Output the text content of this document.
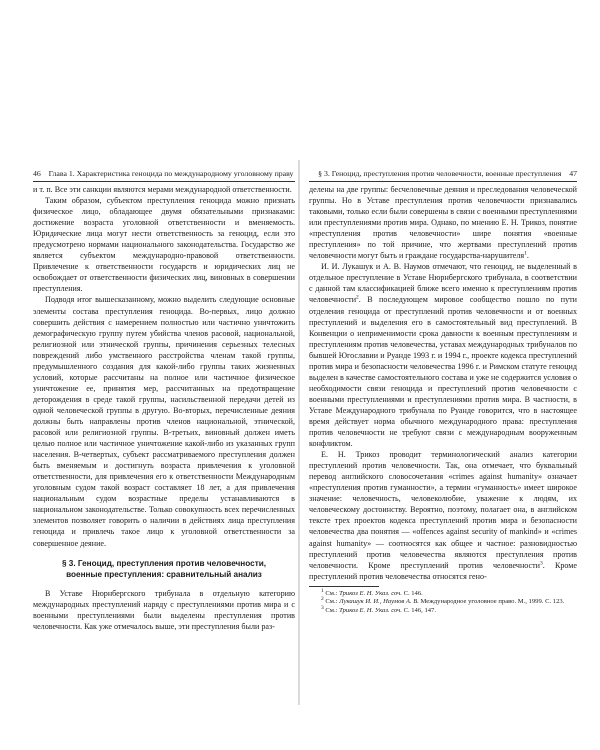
46 Глава 1. Характеристика геноцида по международному уголовному праву

и т. п. Все эти санкции являются мерами международной ответственности.

Таким образом, субъектом преступления геноцида можно признать физическое лицо, обладающее двумя обязательными признаками: достижение возраста уголовной ответственности и вменяемость. Юридические лица могут нести ответственность за геноцид, если это предусмотрено нормами национального законодательства. Государство же является субъектом международно-правовой ответственности. Привлечение к ответственности государств и юридических лиц не освобождает от ответственности физических лиц, виновных в совершении преступления.

Подводя итог вышесказанному, можно выделить следующие основные элементы состава преступления геноцида. Во-первых, лицо должно совершить действия с намерением полностью или частично уничтожить демографическую группу путем убийства членов расовой, национальной, религиозной или этнической группы, причинения серьезных телесных повреждений либо умственного расстройства членам такой группы, предумышленного создания для какой-либо группы таких жизненных условий, которые рассчитаны на полное или частичное физическое уничтожение ее, принятия мер, рассчитанных на предотвращение деторождения в среде такой группы, насильственной передачи детей из одной человеческой группы в другую. Во-вторых, перечисленные деяния должны быть направлены против членов национальной, этнической, расовой или религиозной группы. В-третьих, виновный должен иметь целью полное или частичное уничтожение какой-либо из указанных групп населения. В-четвертых, субъект рассматриваемого преступления должен быть вменяемым и достигнуть возраста привлечения к уголовной ответственности, для привлечения его к ответственности Международным уголовным судом такой возраст составляет 18 лет, а для привлечения национальным судом возрастные пределы устанавливаются в национальном законодательстве. Только совокупность всех перечисленных элементов позволяет говорить о наличии в действиях лица преступления геноцида и привлечь такое лицо к уголовной ответственности за совершенное деяние.

§ 3. Геноцид, преступления против человечности,
военные преступления: сравнительный анализ

В Уставе Нюрнбергского трибунала в отдельную категорию международных преступлений наряду с преступлениями против мира и с военными преступлениями были выделены преступления против человечности. Как уже отмечалось выше, эти преступления были раз-

§ 3. Геноцид, преступления против человечности, военные преступления 47

делены на две группы: бесчеловечные деяния и преследования человеческой группы. Но в Уставе преступления против человечности признавались таковыми, только если были совершены в связи с военными преступлениями или преступлениями против мира. Однако, по мнению Е. Н. Трикоз, понятие «преступления против человечности» шире понятия «военные преступления» по той причине, что жертвами преступлений против человечности могут быть и граждане государства-нарушителя$^1$.

И. И. Лукашук и А. В. Наумов отмечают, что геноцид, не выделенный в отдельное преступление в Уставе Нюрнбергского трибунала, в соответствии с данной там классификацией ближе всего именно к преступлениям против человечности$^2$. В последующем мировое сообщество пошло по пути отделения геноцида от преступлений против человечности и от военных преступлений и выделения его в самостоятельный вид преступлений. В Конвенции о неприменимости срока давности к военным преступлениям и преступлениям против человечества, уставах международных трибуналов по бывшей Югославии и Руанде 1993 г. и 1994 г., проекте кодекса преступлений против мира и безопасности человечества 1996 г. и Римском статуте геноцид выделен в качестве самостоятельного состава и уже не содержится условия о необходимости связи геноцида и преступлений против человечности с военными преступлениями и преступлениями против мира. В частности, в Уставе Международного трибунала по Руанде говорится, что в настоящее время действует норма обычного международного права: преступления против человечности не требуют связи с международным вооруженным конфликтом.

Е. Н. Трикоз проводит терминологический анализ категории преступлений против человечности. Так, она отмечает, что буквальный перевод английского словосочетания «crimes against humanity» означает «преступления против гуманности», а термин «гуманность» имеет широкое значение: человечность, человеколюбие, уважение к людям, их человеческому достоинству. Вероятно, поэтому, полагает она, в английском тексте трех проектов кодекса преступлений против мира и безопасности человечества два понятия — «offences against security of mankind» и «crimes against humanity» — соотносятся как общее и частное: разновидностью преступлений против человечества являются преступления против человечности. Кроме преступлений против человечности$^3$. Кроме преступлений против человечества относятся гено-

$^1$ См.: Трикоз Е. Н. Указ. соч. С. 146.

$^2$ См.: Лукашук И. И., Наумов А. В. Международное уголовное право. М., 1999. С. 123.

$^3$ См.: Трикоз Е. Н. Указ. соч. С. 146, 147.
